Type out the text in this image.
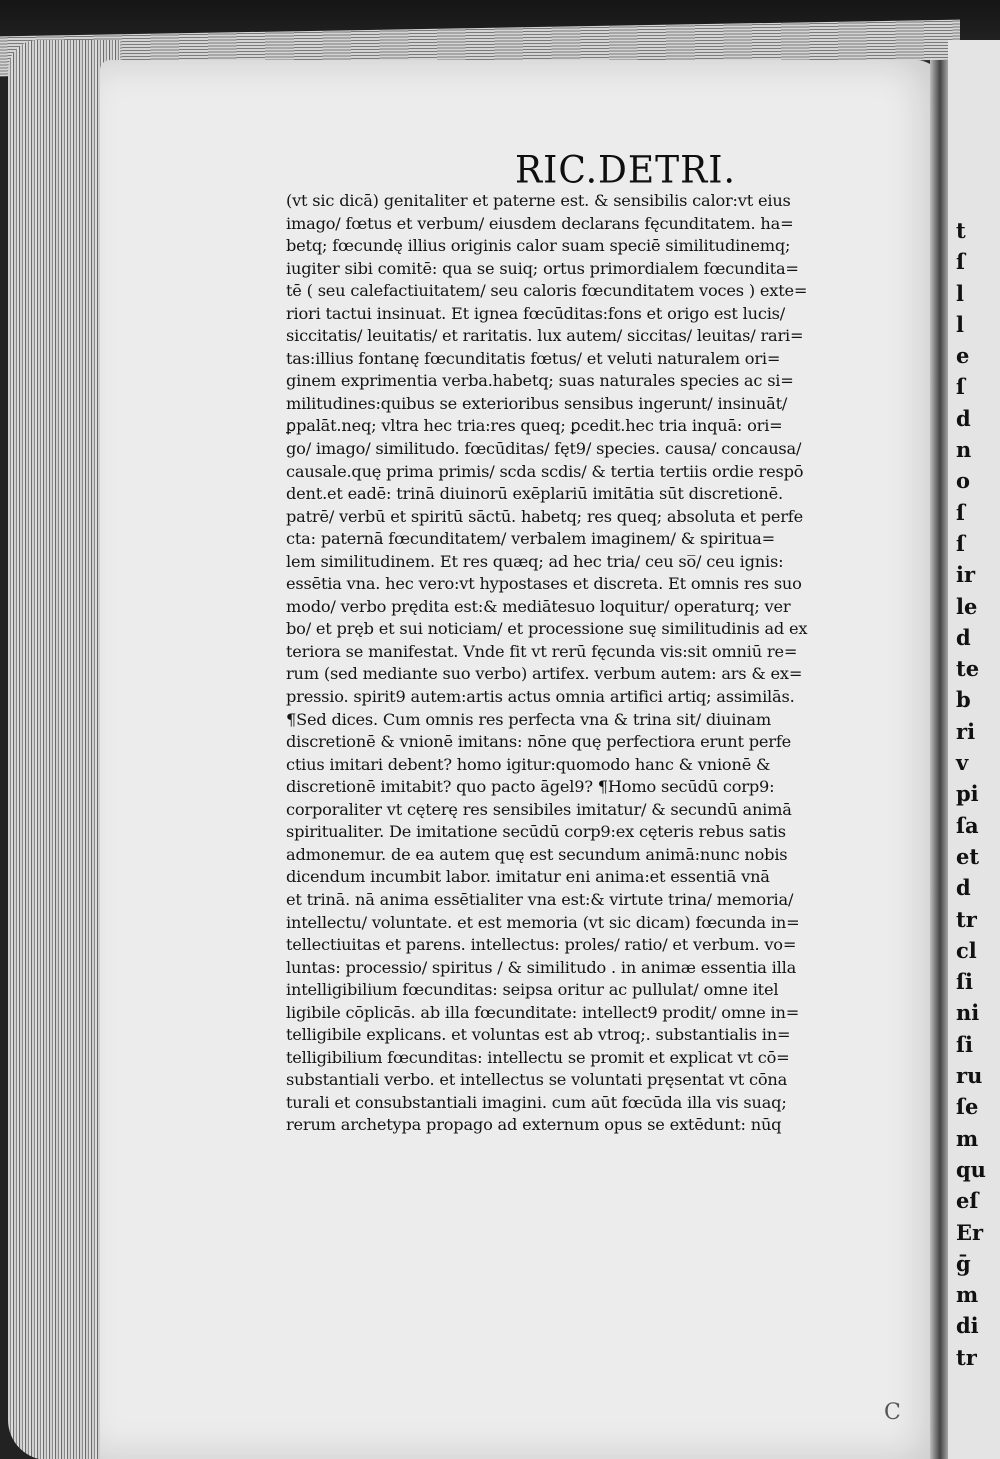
t
ſ
l
l
e
ſ
d
n
o
ſ
ſ
ir
le
d
te
b
ri
v
pi
ſa
et
d
tr
cl
ſi
ni
ſi
ru
ſe
m
qu
eſ
Er
ḡ
m
di
tr
RIC.DETRI.
(vt sic dicā) genitaliter et paterne est. & sensibilis calor:vt eius
imago/ fœtus et verbum/ eiusdem declarans fęcunditatem. ha=
betq; fœcundę illius originis calor suam speciē similitudinemq;
iugiter sibi comitē: qua se suiq; ortus primordialem fœcundita=
tē ( seu calefactiuitatem/ seu caloris fœcunditatem voces ) exte=
riori tactui insinuat. Et ignea fœcūditas:fons et origo est lucis/
siccitatis/ leuitatis/ et raritatis. lux autem/ siccitas/ leuitas/ rari=
tas:illius fontanę fœcunditatis fœtus/ et veluti naturalem ori=
ginem exprimentia verba.habetq; suas naturales species ac si=
militudines:quibus se exterioribus sensibus ingerunt/ insinuāt/
ꝑpalāt.neq; vltra hec tria:res queq; ꝑcedit.hec tria inquā: ori=
go/ imago/ similitudo. fœcūditas/ fęt9/ species. causa/ concausa/
causale.quę prima primis/ scda scdis/ & tertia tertiis ordie respō
dent.et eadē: trinā diuinorū exēplariū imitātia sūt discretionē.
patrē/ verbū et spiritū sāctū. habetq; res queq; absoluta et perfe
cta: paternā fœcunditatem/ verbalem imaginem/ & spiritua=
lem similitudinem. Et res quæq; ad hec tria/ ceu so̅/ ceu ignis:
essētia vna. hec vero:vt hypostases et discreta. Et omnis res suo
modo/ verbo prędita est:& mediātesuo loquitur/ operaturq; ver
bo/ et pręb et sui noticiam/ et processione suę similitudinis ad ex
teriora se manifestat. Vnde fit vt rerū fęcunda vis:sit omniū re=
rum (sed mediante suo verbo) artifex. verbum autem: ars & ex=
pressio. spirit9 autem:artis actus omnia artifici artiq; assimilās.
¶Sed dices. Cum omnis res perfecta vna & trina sit/ diuinam
discretionē & vnionē imitans: nōne quę perfectiora erunt perfe
ctius imitari debent? homo igitur:quomodo hanc & vnionē &
discretionē imitabit? quo pacto āgel9? ¶Homo secūdū corp9:
corporaliter vt cęterę res sensibiles imitatur/ & secundū animā
spiritualiter. De imitatione secūdū corp9:ex cęteris rebus satis
admonemur. de ea autem quę est secundum animā:nunc nobis
dicendum incumbit labor. imitatur eni anima:et essentiā vnā
et trinā. nā anima essētialiter vna est:& virtute trina/ memoria/
intellectu/ voluntate. et est memoria (vt sic dicam) fœcunda in=
tellectiuitas et parens. intellectus: proles/ ratio/ et verbum. vo=
luntas: processio/ spiritus / & similitudo . in animæ essentia illa
intelligibilium fœcunditas: seipsa oritur ac pullulat/ omne itel
ligibile cōplicās. ab illa fœcunditate: intellect9 prodit/ omne in=
telligibile explicans. et voluntas est ab vtroq;. substantialis in=
telligibilium fœcunditas: intellectu se promit et explicat vt cō=
substantiali verbo. et intellectus se voluntati pręsentat vt cōna
turali et consubstantiali imagini. cum aūt fœcūda illa vis suaq;
rerum archetypa propago ad externum opus se extēdunt: nūq
C
